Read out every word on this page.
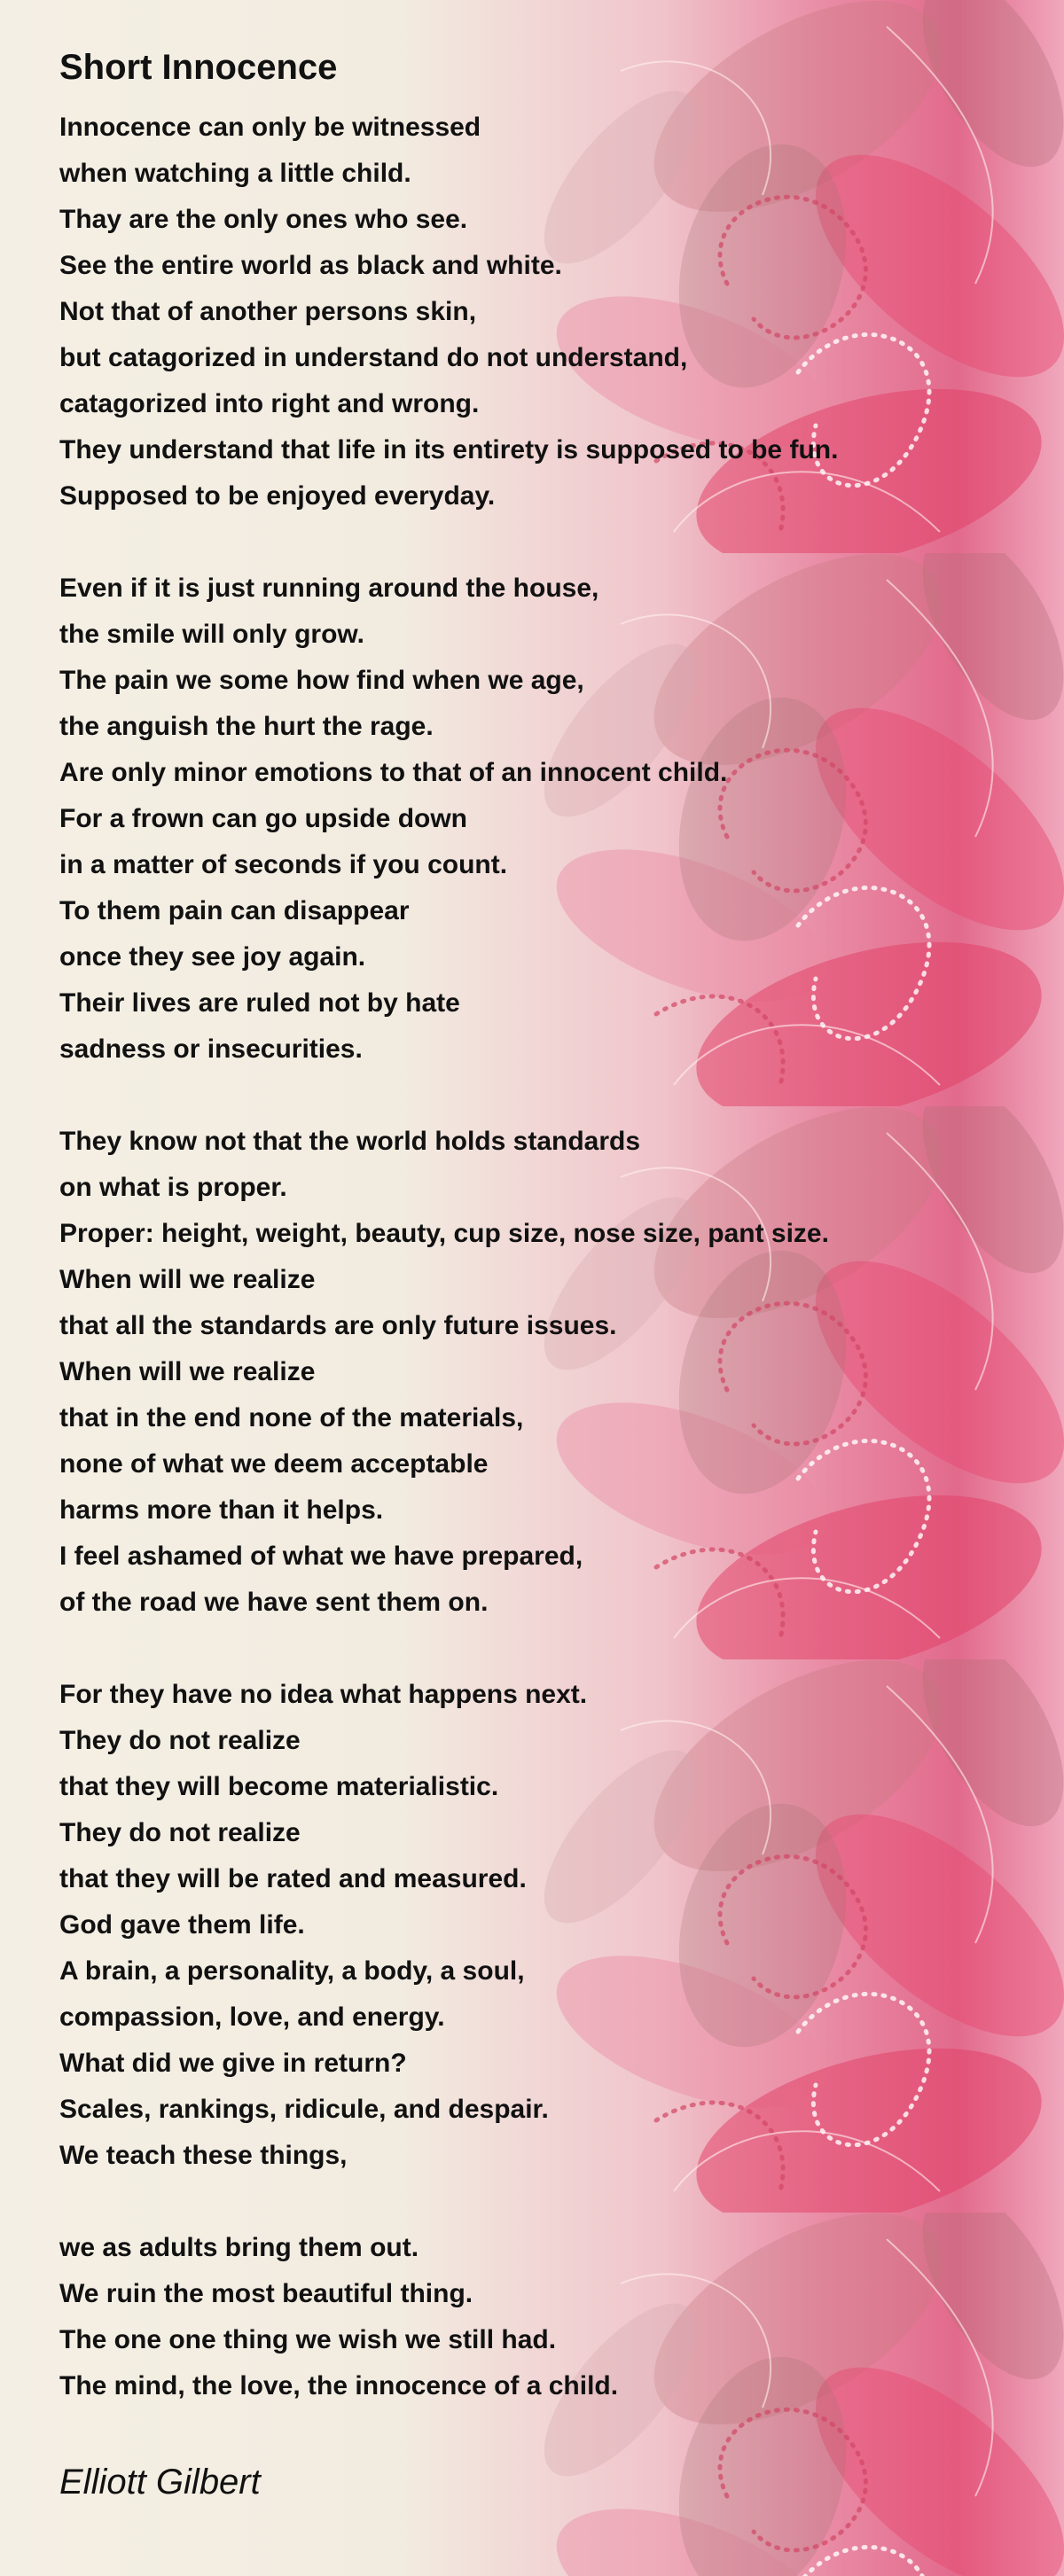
Short Innocence
Innocence can only be witnessed
when watching a little child.
Thay are the only ones who see.
See the entire world as black and white.
Not that of another persons skin,
but catagorized in understand do not understand,
catagorized into right and wrong.
They understand that life in its entirety is supposed to be fun.
Supposed to be enjoyed everyday.
Even if it is just running around the house,
the smile will only grow.
The pain we some how find when we age,
the anguish the hurt the rage.
Are only minor emotions to that of an innocent child.
For a frown can go upside down
in a matter of seconds if you count.
To them pain can disappear
once they see joy again.
Their lives are ruled not by hate
sadness or insecurities.
They know not that the world holds standards
on what is proper.
Proper: height, weight, beauty, cup size, nose size, pant size.
When will we realize
that all the standards are only future issues.
When will we realize
that in the end none of the materials,
none of what we deem acceptable
harms more than it helps.
I feel ashamed of what we have prepared,
of the road we have sent them on.
For they have no idea what happens next.
They do not realize
that they will become materialistic.
They do not realize
that they will be rated and measured.
God gave them life.
A brain, a personality, a body, a soul,
compassion, love, and energy.
What did we give in return?
Scales, rankings, ridicule, and despair.
We teach these things,
we as adults bring them out.
We ruin the most beautiful thing.
The one one thing we wish we still had.
The mind, the love, the innocence of a child.
Elliott Gilbert
